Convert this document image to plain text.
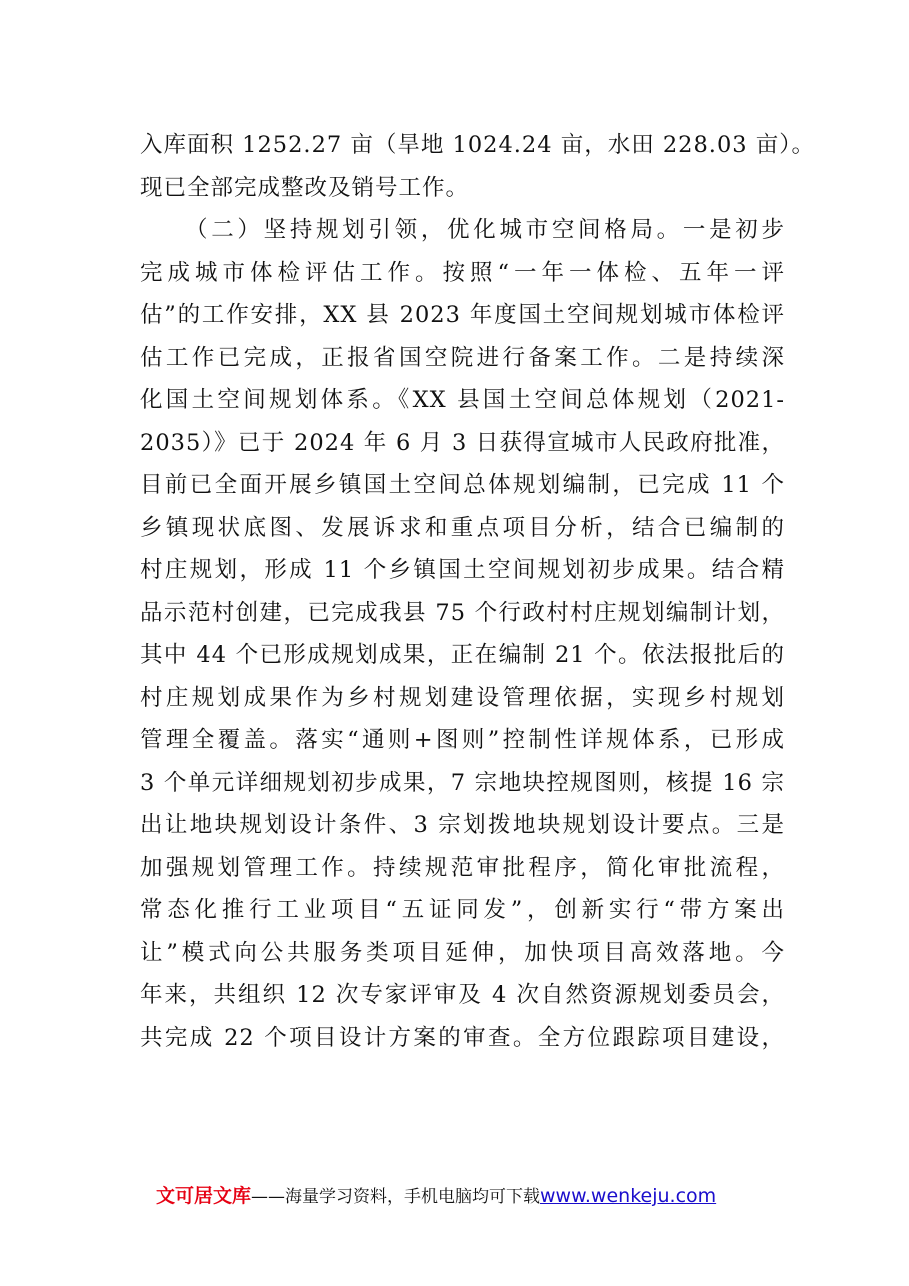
入库面积 1252.27 亩（旱地 1024.24 亩，水田 228.03 亩）。
现已全部完成整改及销号工作。
（二）坚持规划引领，优化城市空间格局。一是初步
完成城市体检评估工作。按照“一年一体检、五年一评
估”的工作安排，XX 县 2023 年度国土空间规划城市体检评
估工作已完成，正报省国空院进行备案工作。二是持续深
化国土空间规划体系。《XX 县国土空间总体规划（2021-
2035）》已于 2024 年 6 月 3 日获得宣城市人民政府批准，
目前已全面开展乡镇国土空间总体规划编制，已完成 11 个
乡镇现状底图、发展诉求和重点项目分析，结合已编制的
村庄规划，形成 11 个乡镇国土空间规划初步成果。结合精
品示范村创建，已完成我县 75 个行政村村庄规划编制计划，
其中 44 个已形成规划成果，正在编制 21 个。依法报批后的
村庄规划成果作为乡村规划建设管理依据，实现乡村规划
管理全覆盖。落实“通则+图则”控制性详规体系，已形成
3 个单元详细规划初步成果，7 宗地块控规图则，核提 16 宗
出让地块规划设计条件、3 宗划拨地块规划设计要点。三是
加强规划管理工作。持续规范审批程序，简化审批流程，
常态化推行工业项目“五证同发”，创新实行“带方案出
让”模式向公共服务类项目延伸，加快项目高效落地。今
年来，共组织 12 次专家评审及 4 次自然资源规划委员会，
共完成 22 个项目设计方案的审查。全方位跟踪项目建设，
文可居文库——海量学习资料，手机电脑均可下载www.wenkeju.com
